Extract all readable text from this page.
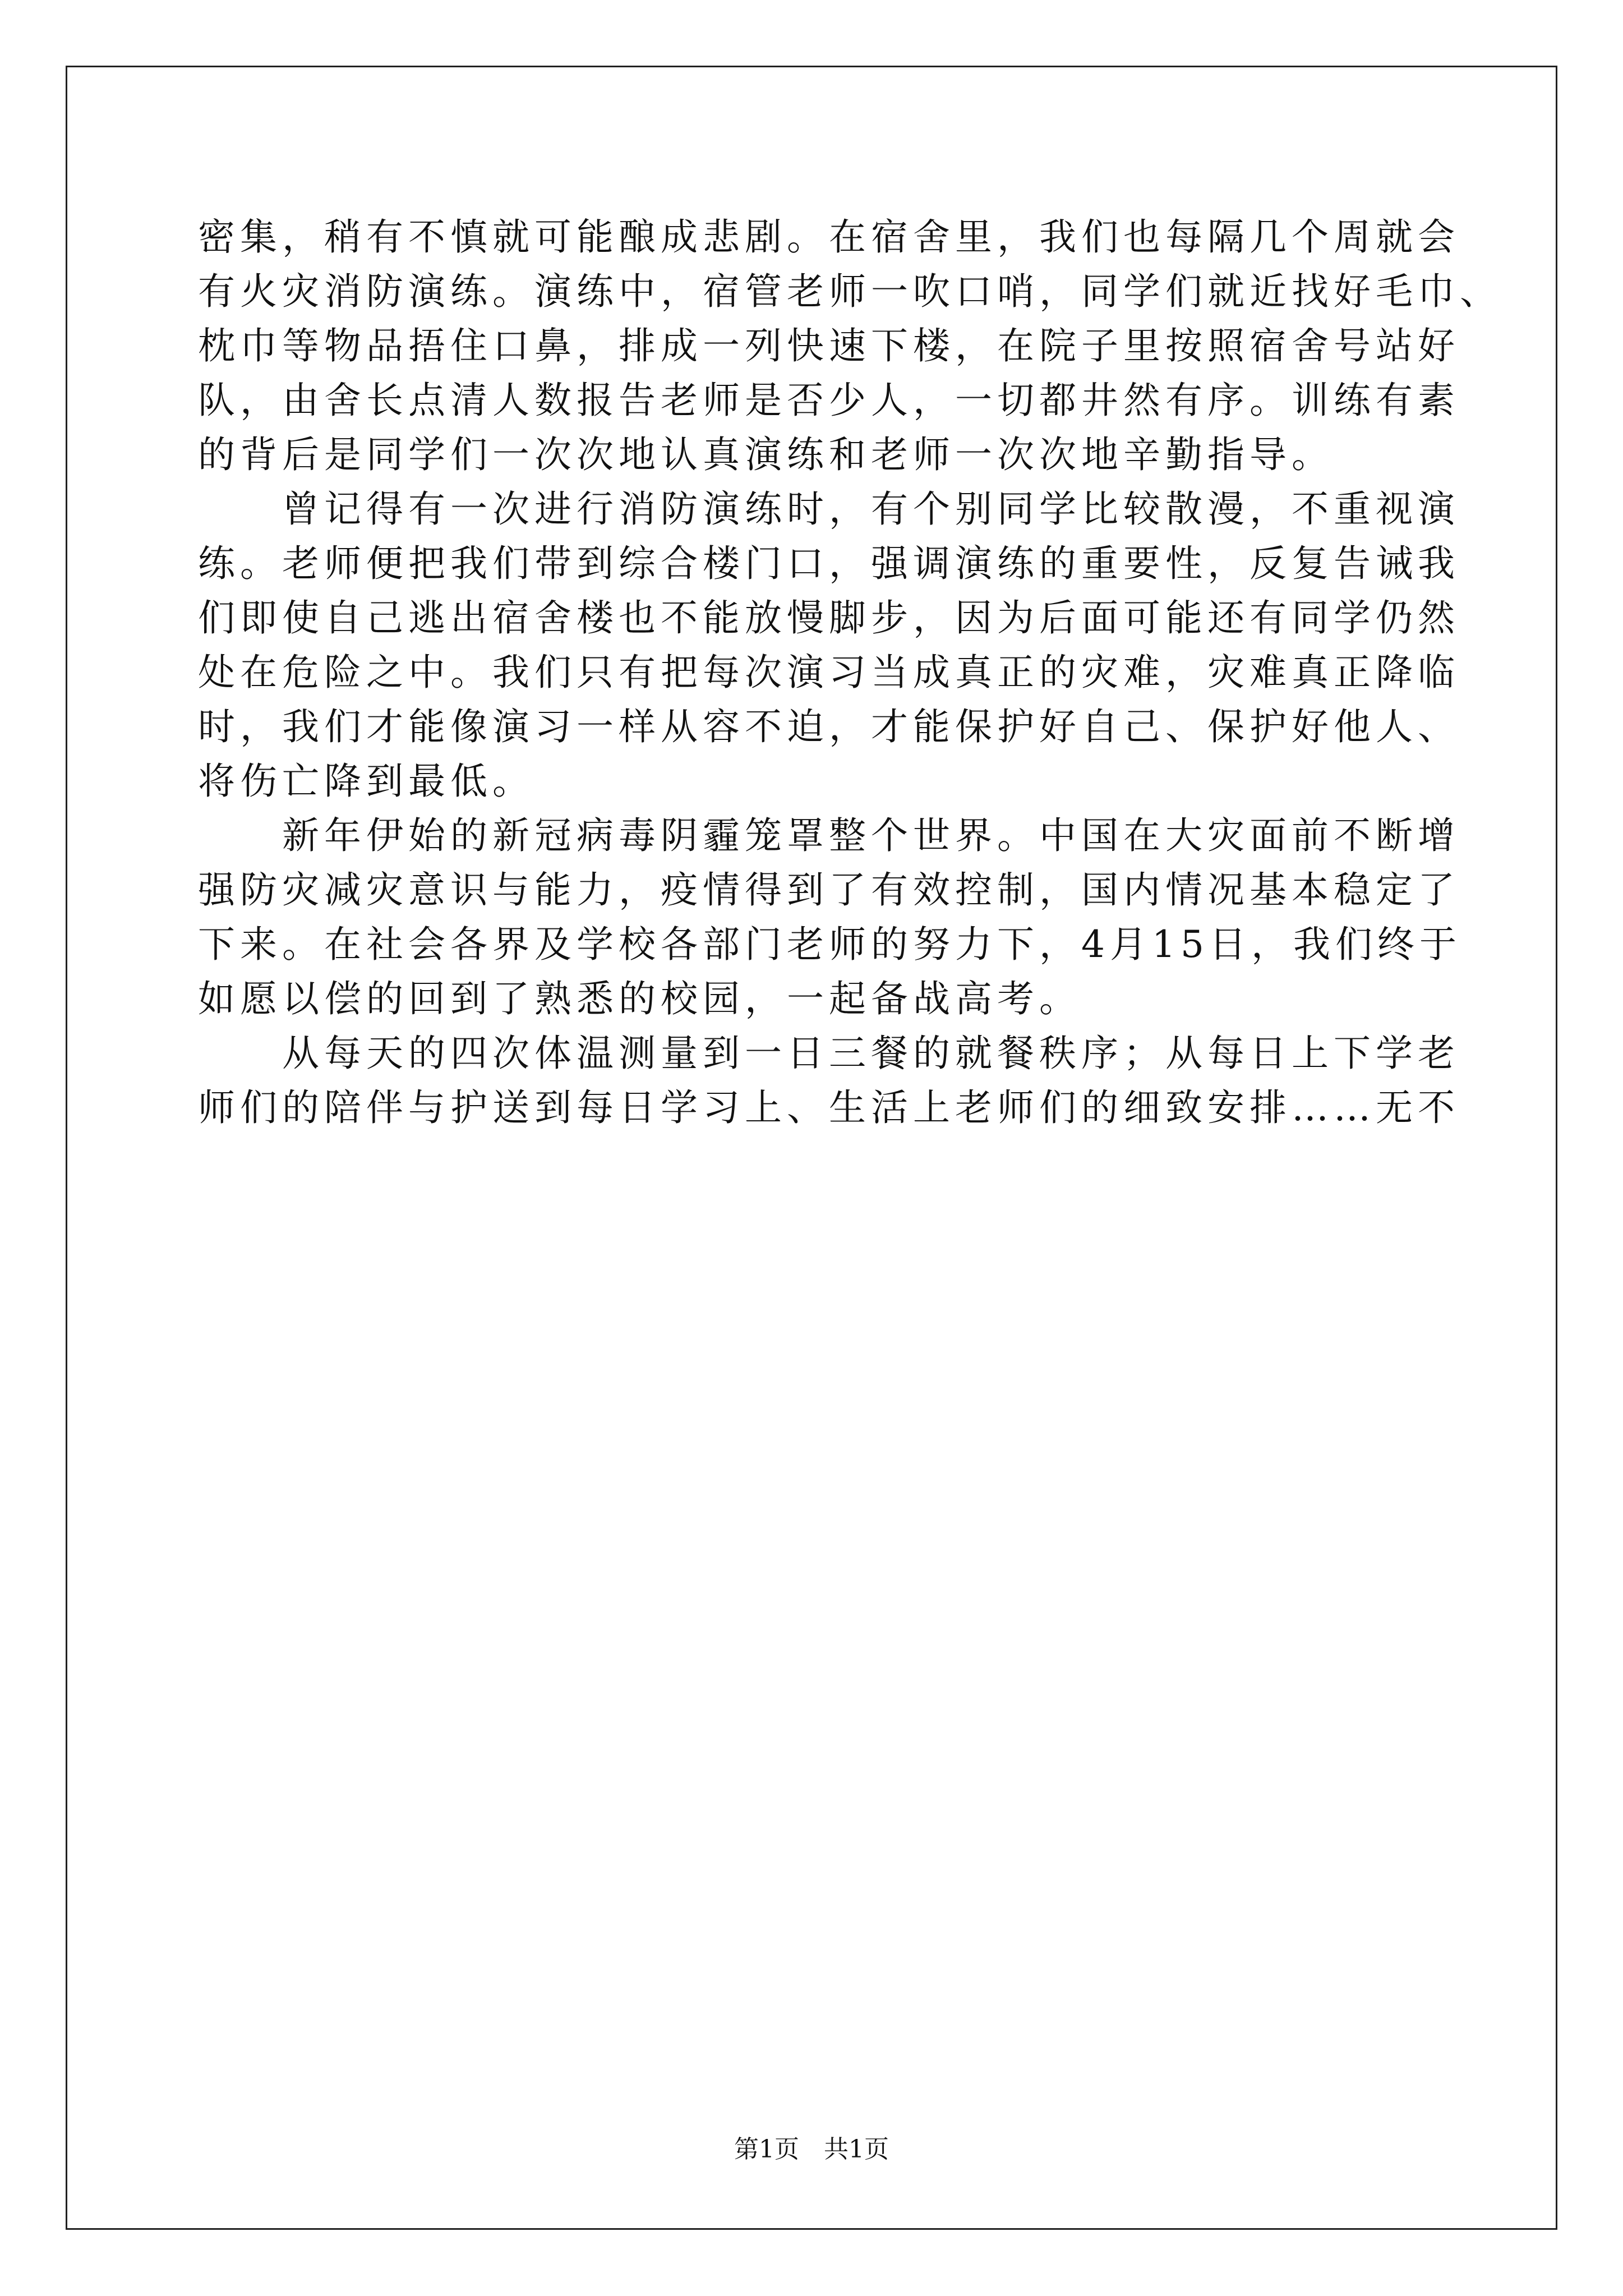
密集，稍有不慎就可能酿成悲剧。在宿舍里，我们也每隔几个周就会
有火灾消防演练。演练中，宿管老师一吹口哨，同学们就近找好毛巾、
枕巾等物品捂住口鼻，排成一列快速下楼，在院子里按照宿舍号站好
队，由舍长点清人数报告老师是否少人，一切都井然有序。训练有素
的背后是同学们一次次地认真演练和老师一次次地辛勤指导。
　　曾记得有一次进行消防演练时，有个别同学比较散漫，不重视演
练。老师便把我们带到综合楼门口，强调演练的重要性，反复告诫我
们即使自己逃出宿舍楼也不能放慢脚步，因为后面可能还有同学仍然
处在危险之中。我们只有把每次演习当成真正的灾难，灾难真正降临
时，我们才能像演习一样从容不迫，才能保护好自己、保护好他人、
将伤亡降到最低。
　　新年伊始的新冠病毒阴霾笼罩整个世界。中国在大灾面前不断增
强防灾减灾意识与能力，疫情得到了有效控制，国内情况基本稳定了
下来。在社会各界及学校各部门老师的努力下，4月15日，我们终于
如愿以偿的回到了熟悉的校园，一起备战高考。
　　从每天的四次体温测量到一日三餐的就餐秩序；从每日上下学老
师们的陪伴与护送到每日学习上、生活上老师们的细致安排……无不
第1页　共1页
